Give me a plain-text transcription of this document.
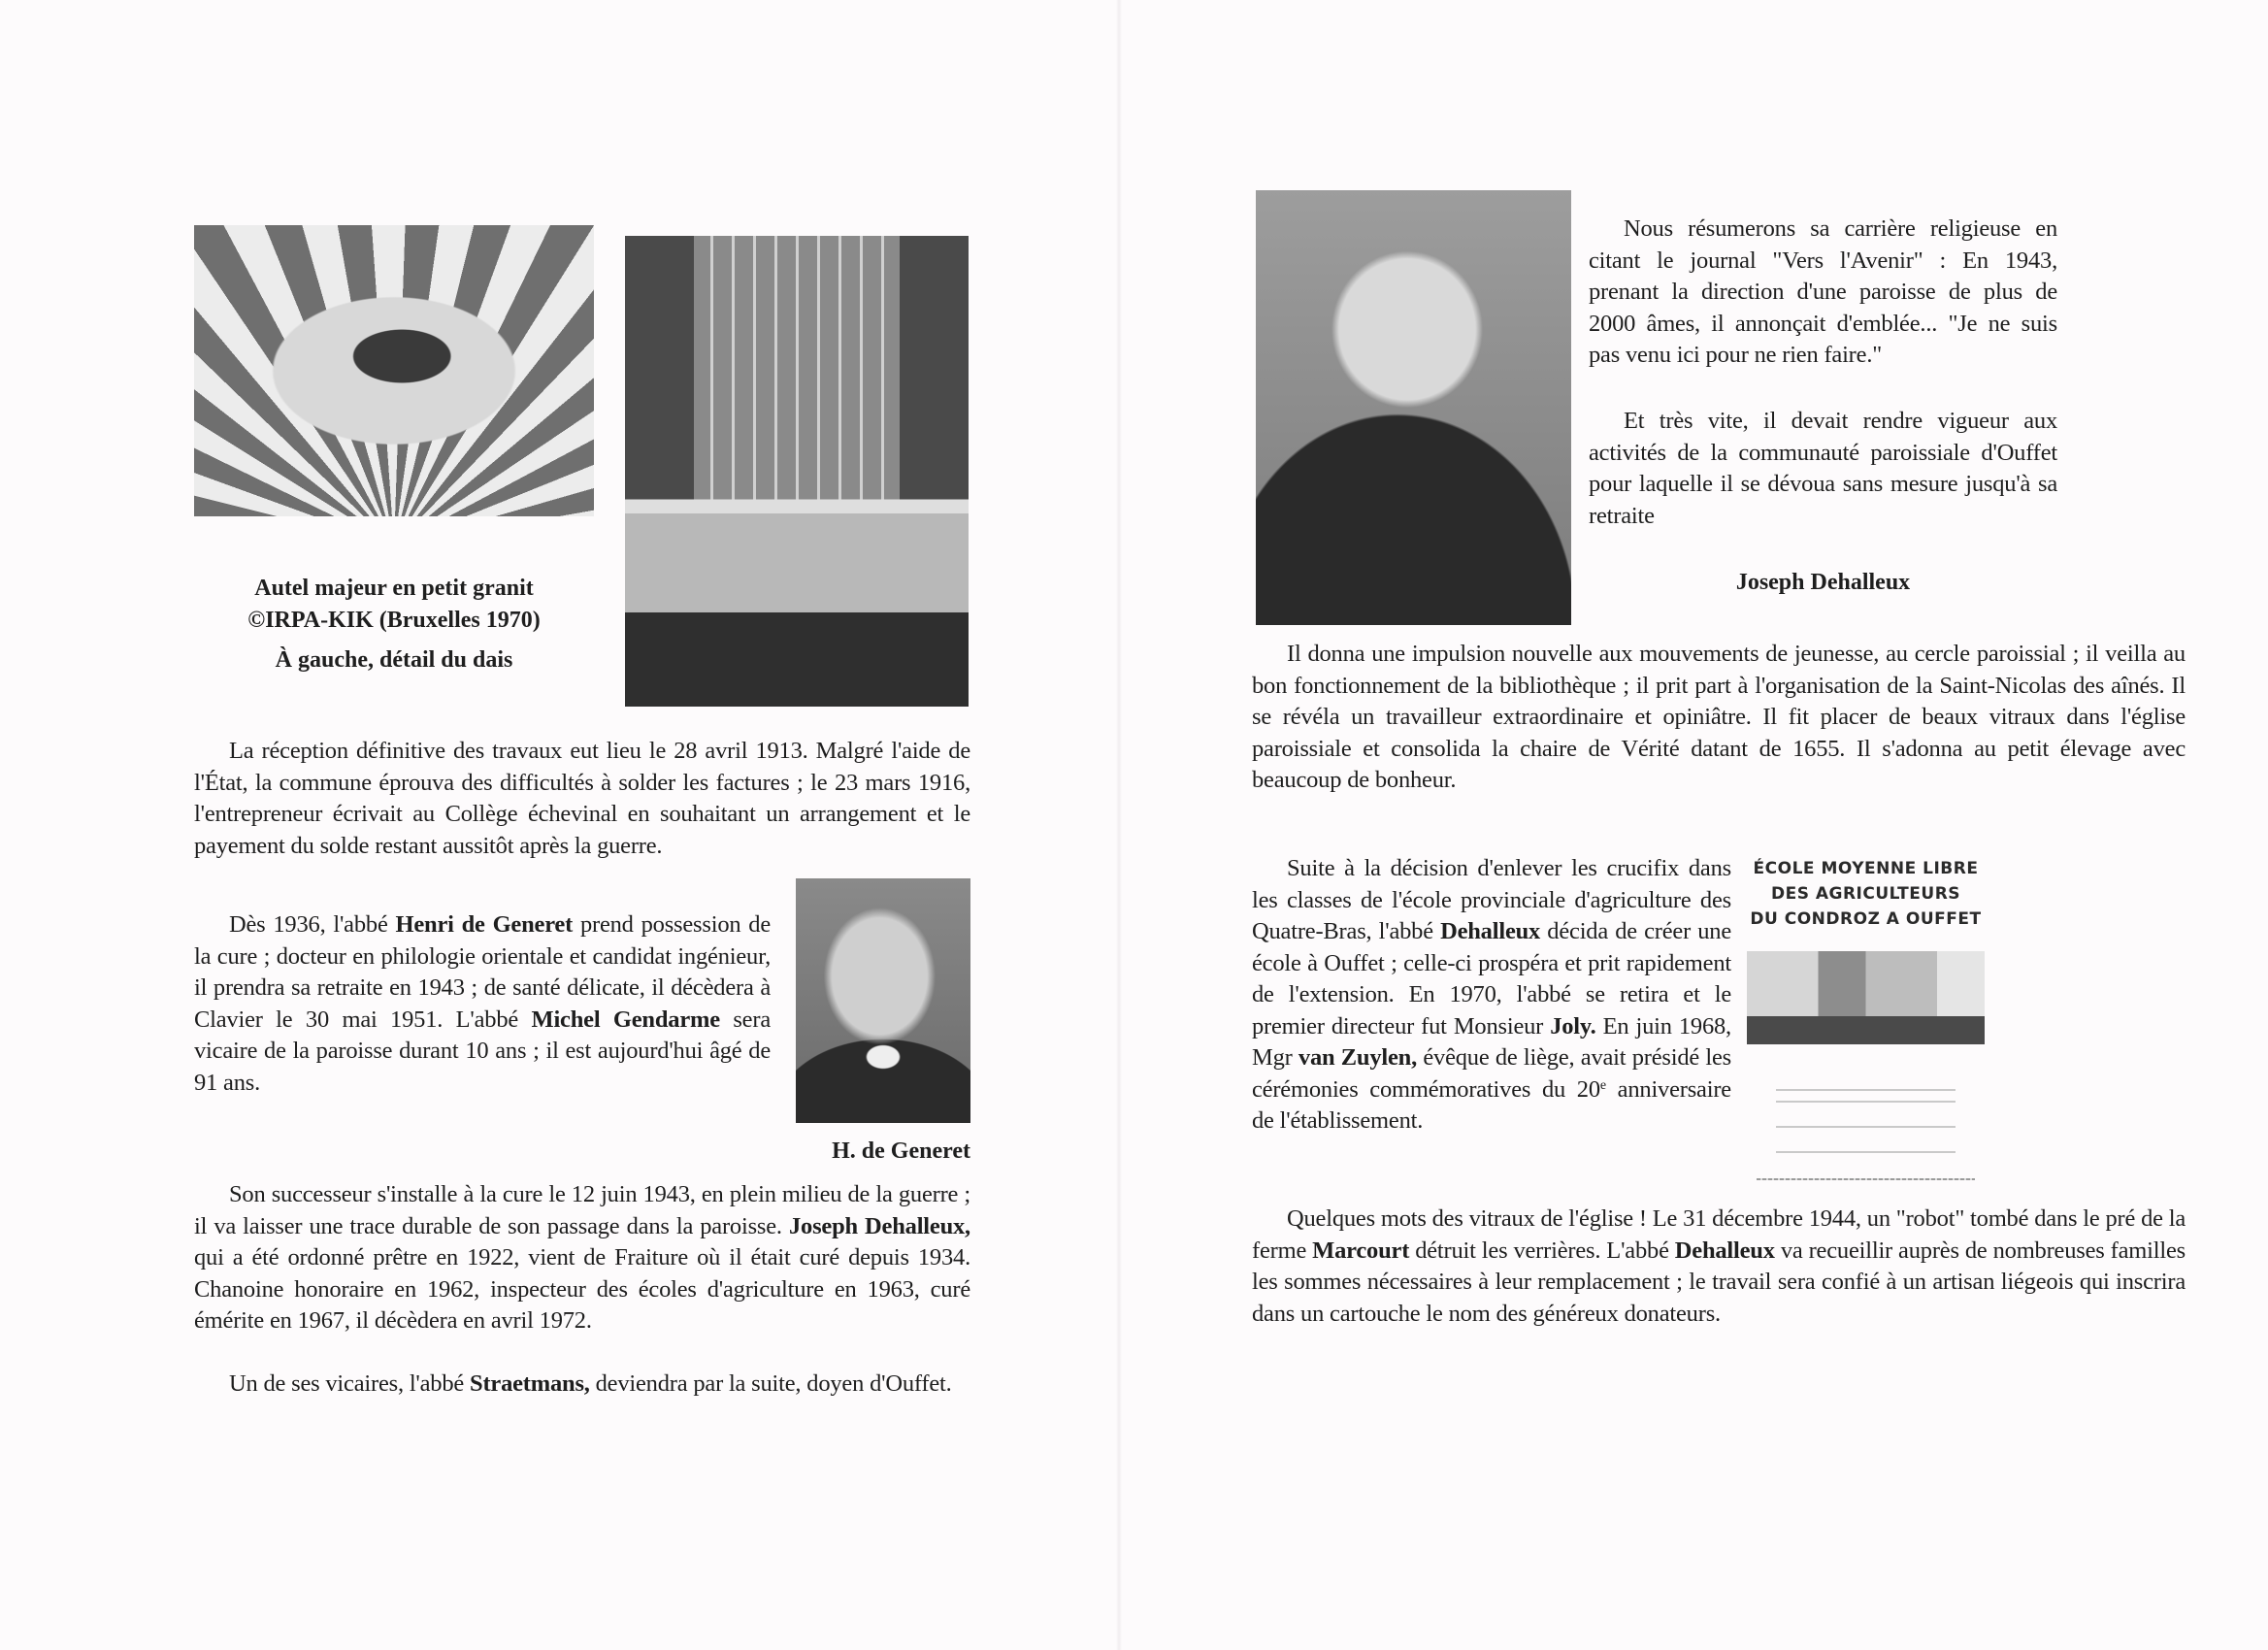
Autel majeur en petit granit
©IRPA-KIK (Bruxelles 1970)
À gauche, détail du dais

La réception définitive des travaux eut lieu le 28 avril 1913. Malgré l'aide de l'État, la commune éprouva des difficultés à solder les factures ; le 23 mars 1916, l'entrepreneur écrivait au Collège échevinal en souhaitant un arrangement et le payement du solde restant aussitôt après la guerre.

H. de Generet

Dès 1936, l'abbé Henri de Generet prend possession de la cure ; docteur en philologie orientale et candidat ingénieur, il prendra sa retraite en 1943 ; de santé délicate, il décèdera à Clavier le 30 mai 1951. L'abbé Michel Gendarme sera vicaire de la paroisse durant 10 ans ; il est aujourd'hui âgé de 91 ans.

Son successeur s'installe à la cure le 12 juin 1943, en plein milieu de la guerre ; il va laisser une trace durable de son passage dans la paroisse. Joseph Dehalleux, qui a été ordonné prêtre en 1922, vient de Fraiture où il était curé depuis 1934. Chanoine honoraire en 1962, inspecteur des écoles d'agriculture en 1963, curé émérite en 1967, il décèdera en avril 1972.

Un de ses vicaires, l'abbé Straetmans, deviendra par la suite, doyen d'Ouffet.

Nous résumerons sa carrière religieuse en citant le journal "Vers l'Avenir" : En 1943, prenant la direction d'une paroisse de plus de 2000 âmes, il annonçait d'emblée... "Je ne suis pas venu ici pour ne rien faire."

Et très vite, il devait rendre vigueur aux activités de la communauté paroissiale d'Ouffet pour laquelle il se dévoua sans mesure jusqu'à sa retraite

Joseph Dehalleux

Il donna une impulsion nouvelle aux mouvements de jeunesse, au cercle paroissial ; il veilla au bon fonctionnement de la bibliothèque ; il prit part à l'organisation de la Saint-Nicolas des aînés. Il se révéla un travailleur extraordinaire et opiniâtre. Il fit placer de beaux vitraux dans l'église paroissiale et consolida la chaire de Vérité datant de 1655. Il s'adonna au petit élevage avec beaucoup de bonheur.

Suite à la décision d'enlever les crucifix dans les classes de l'école provinciale d'agriculture des Quatre-Bras, l'abbé Dehalleux décida de créer une école à Ouffet ; celle-ci prospéra et prit rapidement de l'extension. En 1970, l'abbé se retira et le premier directeur fut Monsieur Joly. En juin 1968, Mgr van Zuylen, évêque de liège, avait présidé les cérémonies commémoratives du 20e anniversaire de l'établissement.

ÉCOLE MOYENNE LIBRE
DES AGRICULTEURS
DU CONDROZ A OUFFET

Quelques mots des vitraux de l'église ! Le 31 décembre 1944, un "robot" tombé dans le pré de la ferme Marcourt détruit les verrières. L'abbé Dehalleux va recueillir auprès de nombreuses familles les sommes nécessaires à leur remplacement ; le travail sera confié à un artisan liégeois qui inscrira dans un cartouche le nom des généreux donateurs.
